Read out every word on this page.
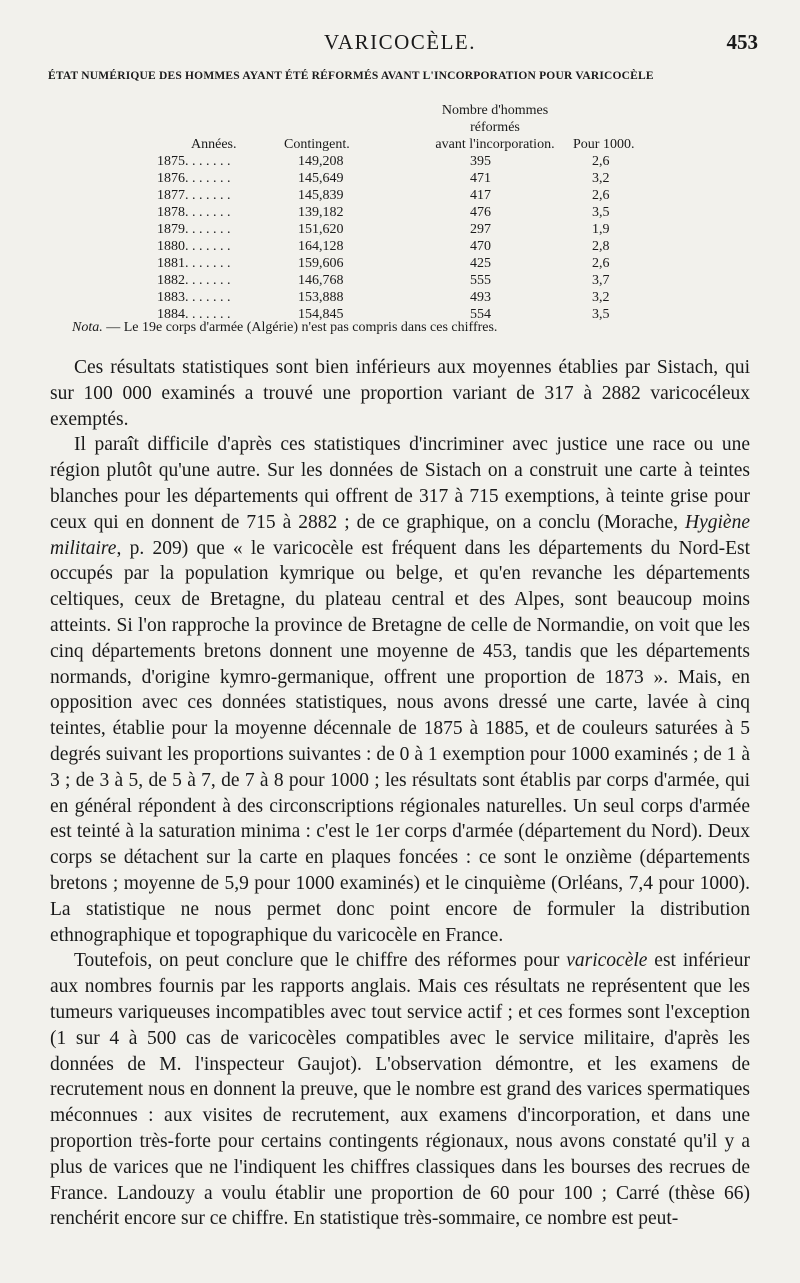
VARICOCÈLE.	453
ÉTAT NUMÉRIQUE DES HOMMES AYANT ÉTÉ RÉFORMÉS AVANT L'INCORPORATION POUR VARICOCÈLE
Nombre d'hommes
réformés
Années.	Contingent.	avant l'incorporation.	Pour 1000.
1875. . . . . . .	149,208	395	2,6
1876. . . . . . .	145,649	471	3,2
1877. . . . . . .	145,839	417	2,6
1878. . . . . . .	139,182	476	3,5
1879. . . . . . .	151,620	297	1,9
1880. . . . . . .	164,128	470	2,8
1881. . . . . . .	159,606	425	2,6
1882. . . . . . .	146,768	555	3,7
1883. . . . . . .	153,888	493	3,2
1884. . . . . . .	154,845	554	3,5
Nota. — Le 19e corps d'armée (Algérie) n'est pas compris dans ces chiffres.

Ces résultats statistiques sont bien inférieurs aux moyennes établies par Sistach, qui sur 100 000 examinés a trouvé une proportion variant de 317 à 2882 varicocéleux exemptés.

Il paraît difficile d'après ces statistiques d'incriminer avec justice une race ou une région plutôt qu'une autre. Sur les données de Sistach on a construit une carte à teintes blanches pour les départements qui offrent de 317 à 715 exemptions, à teinte grise pour ceux qui en donnent de 715 à 2882 ; de ce graphique, on a conclu (Morache, Hygiène militaire, p. 209) que « le varicocèle est fréquent dans les départements du Nord-Est occupés par la population kymrique ou belge, et qu'en revanche les départements celtiques, ceux de Bretagne, du plateau central et des Alpes, sont beaucoup moins atteints. Si l'on rapproche la province de Bretagne de celle de Normandie, on voit que les cinq départements bretons donnent une moyenne de 453, tandis que les départements normands, d'origine kymro-germanique, offrent une proportion de 1873 ». Mais, en opposition avec ces données statistiques, nous avons dressé une carte, lavée à cinq teintes, établie pour la moyenne décennale de 1875 à 1885, et de couleurs saturées à 5 degrés suivant les proportions suivantes : de 0 à 1 exemption pour 1000 examinés ; de 1 à 3 ; de 3 à 5, de 5 à 7, de 7 à 8 pour 1000 ; les résultats sont établis par corps d'armée, qui en général répondent à des circonscriptions régionales naturelles. Un seul corps d'armée est teinté à la saturation minima : c'est le 1er corps d'armée (département du Nord). Deux corps se détachent sur la carte en plaques foncées : ce sont le onzième (départements bretons ; moyenne de 5,9 pour 1000 examinés) et le cinquième (Orléans, 7,4 pour 1000). La statistique ne nous permet donc point encore de formuler la distribution ethnographique et topographique du varicocèle en France.

Toutefois, on peut conclure que le chiffre des réformes pour varicocèle est inférieur aux nombres fournis par les rapports anglais. Mais ces résultats ne représentent que les tumeurs variqueuses incompatibles avec tout service actif ; et ces formes sont l'exception (1 sur 4 à 500 cas de varicocèles compatibles avec le service militaire, d'après les données de M. l'inspecteur Gaujot). L'observation démontre, et les examens de recrutement nous en donnent la preuve, que le nombre est grand des varices spermatiques méconnues : aux visites de recrutement, aux examens d'incorporation, et dans une proportion très-forte pour certains contingents régionaux, nous avons constaté qu'il y a plus de varices que ne l'indiquent les chiffres classiques dans les bourses des recrues de France. Landouzy a voulu établir une proportion de 60 pour 100 ; Carré (thèse 66) renchérit encore sur ce chiffre. En statistique très-sommaire, ce nombre est peut-
